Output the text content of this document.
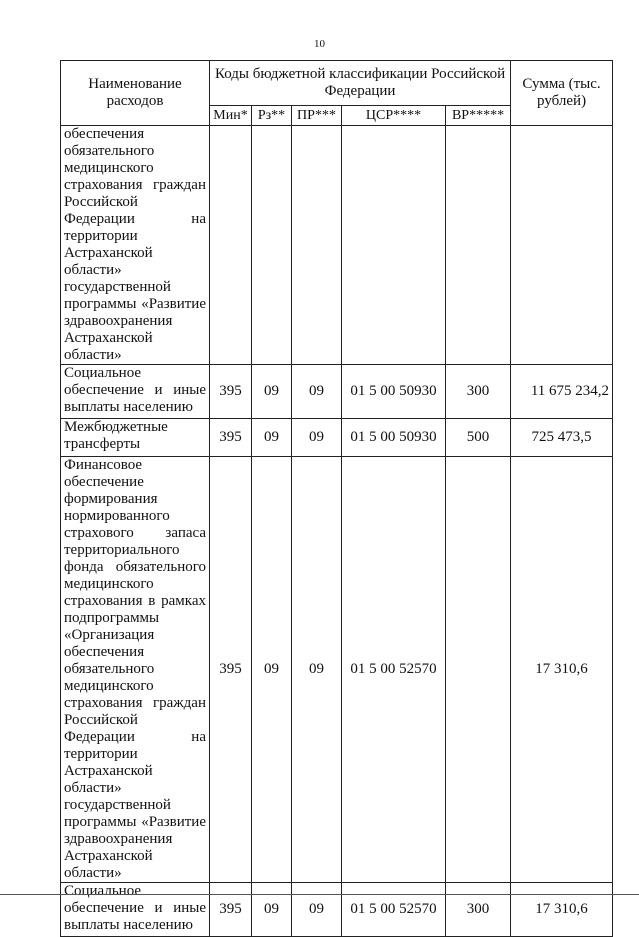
10
Наименование расходов	Коды бюджетной классификации Российской Федерации					Сумма (тыс. рублей)
	Мин*	Рз**	ПР***	ЦСР****	ВР*****	
обеспечения обязательного медицинского страхования граждан Российской Федерации на территории Астраханской области» государственной программы «Развитие здравоохранения Астраханской области»						
Социальное обеспечение и иные выплаты населению	395	09	09	01 5 00 50930	300	11 675 234,2
Межбюджетные трансферты	395	09	09	01 5 00 50930	500	725 473,5
Финансовое обеспечение формирования нормированного страхового запаса территориального фонда обязательного медицинского страхования в рамках подпрограммы «Организация обеспечения обязательного медицинского страхования граждан Российской Федерации на территории Астраханской области» государственной программы «Развитие здравоохранения Астраханской области»	395	09	09	01 5 00 52570		17 310,6
Социальное обеспечение и иные выплаты населению	395	09	09	01 5 00 52570	300	17 310,6
